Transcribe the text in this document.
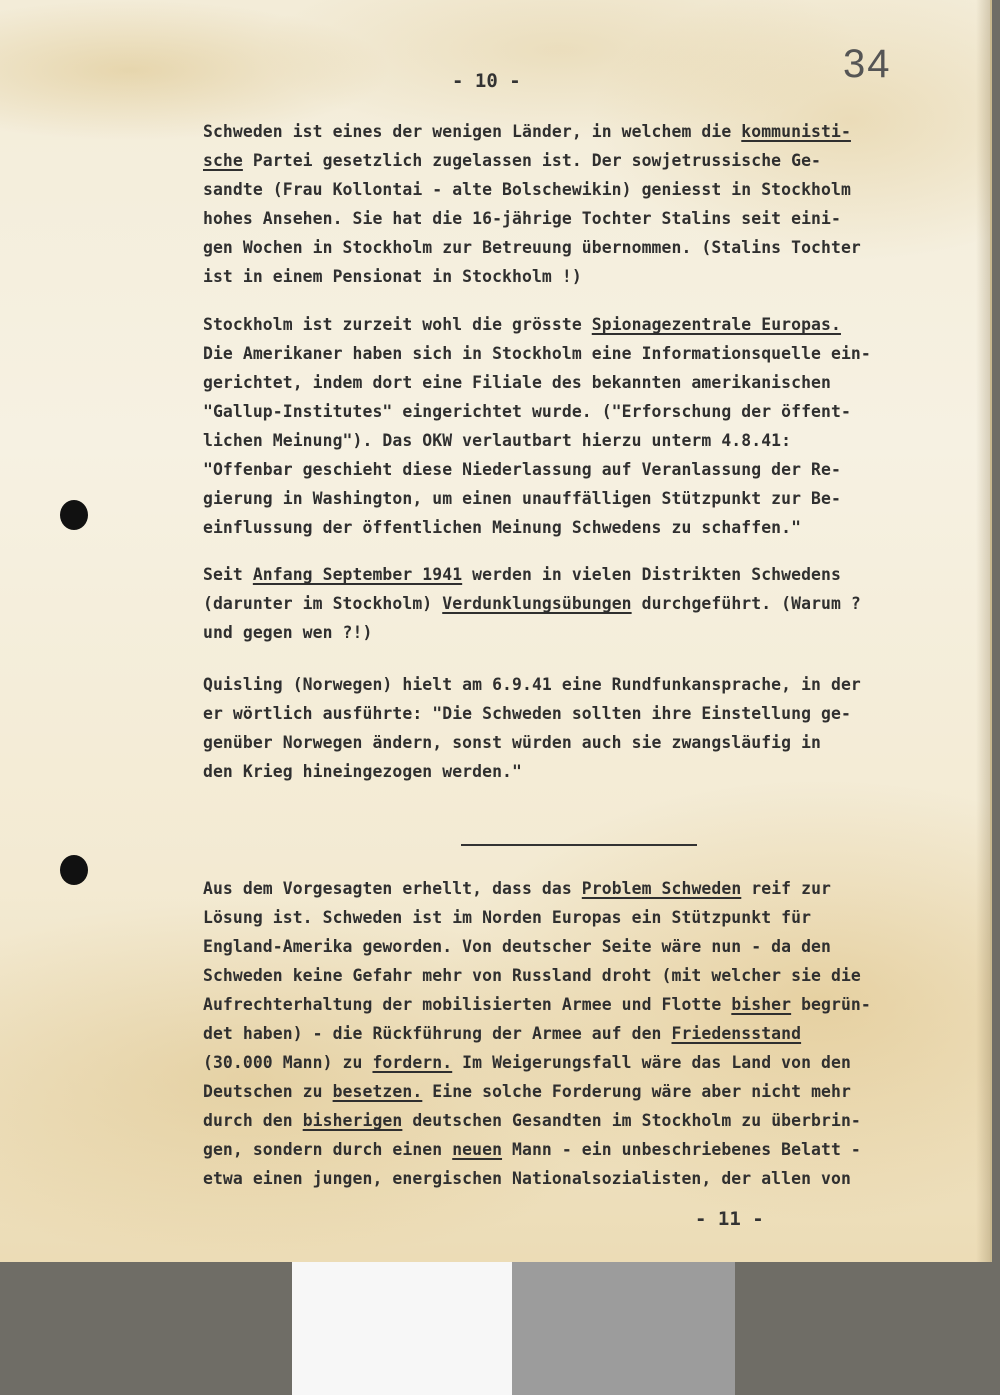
34
- 10 -
Schweden ist eines der wenigen Länder, in welchem die kommunisti-
sche Partei gesetzlich zugelassen ist. Der sowjetrussische Ge-
sandte (Frau Kollontai - alte Bolschewikin) geniesst in Stockholm
hohes Ansehen. Sie hat die 16-jährige Tochter Stalins seit eini-
gen Wochen in Stockholm zur Betreuung übernommen. (Stalins Tochter
ist in einem Pensionat in Stockholm !)
Stockholm ist zurzeit wohl die grösste Spionagezentrale Europas.
Die Amerikaner haben sich in Stockholm eine Informationsquelle ein-
gerichtet, indem dort eine Filiale des bekannten amerikanischen
"Gallup-Institutes" eingerichtet wurde. ("Erforschung der öffent-
lichen Meinung"). Das OKW verlautbart hierzu unterm 4.8.41:
"Offenbar geschieht diese Niederlassung auf Veranlassung der Re-
gierung in Washington, um einen unauffälligen Stützpunkt zur Be-
einflussung der öffentlichen Meinung Schwedens zu schaffen."
Seit Anfang September 1941 werden in vielen Distrikten Schwedens
(darunter im Stockholm) Verdunklungsübungen durchgeführt. (Warum ?
und gegen wen ?!)
Quisling (Norwegen) hielt am 6.9.41 eine Rundfunkansprache, in der
er wörtlich ausführte: "Die Schweden sollten ihre Einstellung ge-
genüber Norwegen ändern, sonst würden auch sie zwangsläufig in
den Krieg hineingezogen werden."
Aus dem Vorgesagten erhellt, dass das Problem Schweden reif zur
Lösung ist. Schweden ist im Norden Europas ein Stützpunkt für
England-Amerika geworden. Von deutscher Seite wäre nun - da den
Schweden keine Gefahr mehr von Russland droht (mit welcher sie die
Aufrechterhaltung der mobilisierten Armee und Flotte bisher begrün-
det haben) - die Rückführung der Armee auf den Friedensstand
(30.000 Mann) zu fordern. Im Weigerungsfall wäre das Land von den
Deutschen zu besetzen. Eine solche Forderung wäre aber nicht mehr
durch den bisherigen deutschen Gesandten im Stockholm zu überbrin-
gen, sondern durch einen neuen Mann - ein unbeschriebenes Belatt -
etwa einen jungen, energischen Nationalsozialisten, der allen von
- 11 -
